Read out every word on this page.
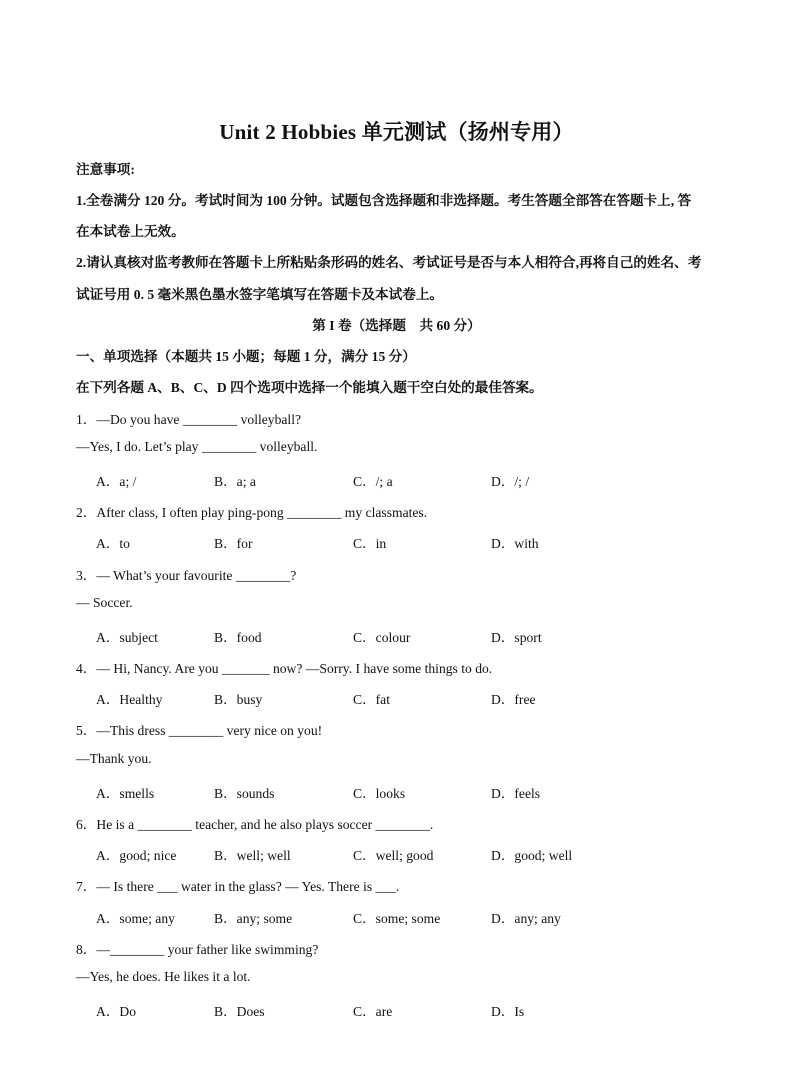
Unit 2 Hobbies 单元测试（扬州专用）
注意事项:
1.全卷满分 120 分。考试时间为 100 分钟。试题包含选择题和非选择题。考生答题全部答在答题卡上, 答
在本试卷上无效。
2.请认真核对监考教师在答题卡上所粘贴条形码的姓名、考试证号是否与本人相符合,再将自己的姓名、考
试证号用 0. 5 毫米黑色墨水签字笔填写在答题卡及本试卷上。
第 I 卷（选择题　共 60 分）
一、单项选择（本题共 15 小题；每题 1 分，满分 15 分）
在下列各题 A、B、C、D 四个选项中选择一个能填入题干空白处的最佳答案。
1．—Do you have ________ volleyball?
—Yes, I do. Let’s play ________ volleyball.
A．a; /	B．a; a	C．/; a	D．/; /
2．After class, I often play ping-pong ________ my classmates.
A．to	B．for	C．in	D．with
3．— What’s your favourite ________?
— Soccer.
A．subject	B．food	C．colour	D．sport
4．— Hi, Nancy. Are you _______ now? —Sorry. I have some things to do.
A．Healthy	B．busy	C．fat	D．free
5．—This dress ________ very nice on you!
—Thank you.
A．smells	B．sounds	C．looks	D．feels
6．He is a ________ teacher, and he also plays soccer ________.
A．good; nice	B．well; well	C．well; good	D．good; well
7．— Is there ___ water in the glass? — Yes. There is ___.
A．some; any	B．any; some	C．some; some	D．any; any
8．—________ your father like swimming?
—Yes, he does. He likes it a lot.
A．Do	B．Does	C．are	D．Is
